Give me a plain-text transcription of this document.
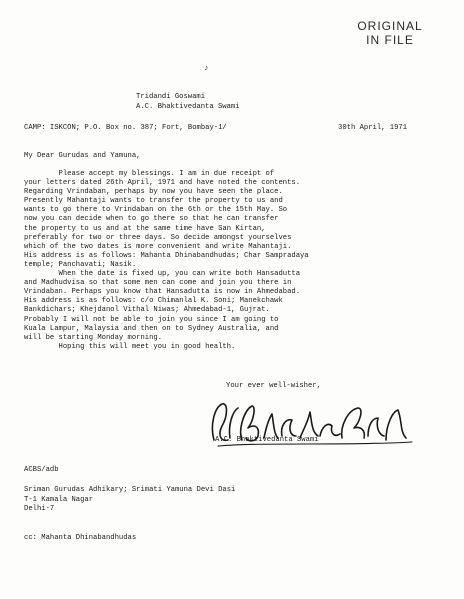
ORIGINAL
IN FILE
♪
Tridandi Goswami
A.C. Bhaktivedanta Swami
CAMP: ISKCON; P.O. Box no. 387; Fort, Bombay-1/	30th April, 1971
My Dear Gurudas and Yamuna,
Please accept my blessings. I am in due receipt of
your letters dated 26th April, 1971 and have noted the contents.
Regarding Vrindaban, perhaps by now you have seen the place.
Presently Mahantaji wants to transfer the property to us and
wants to go there to Vrindaban on the 6th or the 15th May. So
now you can decide when to go there so that he can transfer
the property to us and at the same time have San Kirtan,
preferably for two or three days. So decide amongst yourselves
which of the two dates is more convenient and write Mahantaji.
His address is as follows: Mahanta Dhinabandhudas; Char Sampradaya
temple; Panchavati; Nasik.
When the date is fixed up, you can write both Hansadutta
and Madhudvisa so that some men can come and join you there in
Vrindaban. Perhaps you know that Hansadutta is now in Ahmedabad.
His address is as follows: c/o Chimanlal K. Soni; Manekchawk
Bankdichars; Khejdanol Vithal Niwas; Ahmedabad-1, Gujrat.
Probably I will not be able to join you since I am going to
Kuala Lampur, Malaysia and then on to Sydney Australia, and
will be starting Monday morning.
Hoping this will meet you in good health.
Your ever well-wisher,
A.C. Bhaktivedanta Swami
ACBS/adb
Sriman Gurudas Adhikary; Srimati Yamuna Devi Dasi
T-1 Kamala Nagar
Delhi-7
cc: Mahanta Dhinabandhudas
